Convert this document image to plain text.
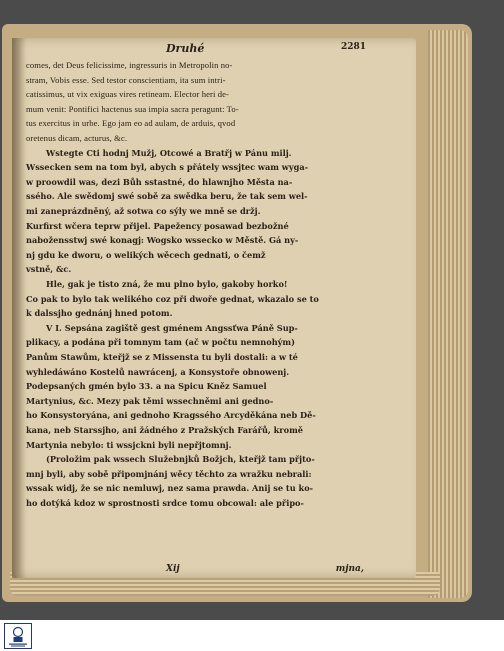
Druhé	2281
comes, det Deus felicissime, ingressuris in Metropolin no-
stram, Vobis esse. Sed testor conscientiam, ita sum intri-
catissimus, ut vix exiguas vires retineam. Elector heri de-
mum venit: Pontifici hactenus sua impia sacra peragunt: To-
tus exercitus in urbe. Ego jam eo ad aulam, de arduis, qvod
oretenus dicam, acturus, &c.
Wstegte Cti hodnj Mužj, Otcowé a Bratřj w Pánu milj.
Wssecken sem na tom byl, abych s přátely wssjtec wam wyga-
w proowdil was, dezi Bůh sstastné, do hlawnjho Města na-
ssého. Ale swědomj swé sobě za swědka beru, že tak sem wel-
mi zaneprázdněný, až sotwa co sýly we mně se držj.
Kurfirst wčera teprw přijel. Papežency posawad bezbožné
nabožensstwj swé konagj: Wogsko wssecko w Městě. Gá ny-
nj gdu ke dworu, o welikých wěcech gednati, o čemž
vstně, &c.
Hle, gak je tisto zná, že mu plno bylo, gakoby horko!
Co pak to bylo tak welikého coz při dwoře gednat, wkazalo se to
k dalssjho gednánj hned potom.
V I. Sepsána zagiště gest gménem Angssťwa Páně Sup-
plikacy, a podána při tomnym tam (ač w počtu nemnohým)
Panům Stawům, kteřjž se z Missensta tu byli dostali: a w té
wyhledáwáno Kostelů nawrácenj, a Konsystoře obnowenj.
Podepsaných gmén bylo 33. a na Spicu Kněz Samuel
Martynius, &c. Mezy pak těmi wssechněmi ani gedno-
ho Konsystoryána, ani gednoho Kragssého Arcyděkána neb Dě-
kana, neb Starssjho, ani žádného z Pražských Farářů, kromě
Martynia nebylo: ti wssjckni byli nepřjtomnj.
(Proložim pak wssech Služebnjků Božjch, kteřjž tam přjto-
mnj byli, aby sobě připomjnánj wěcy těchto za wražku nebrali:
wssak widj, že se nic nemluwj, nez sama prawda. Anij se tu ko-
ho dotýká kdoz w sprostnosti srdce tomu obcowal: ale připo-
Xij	mjna,
